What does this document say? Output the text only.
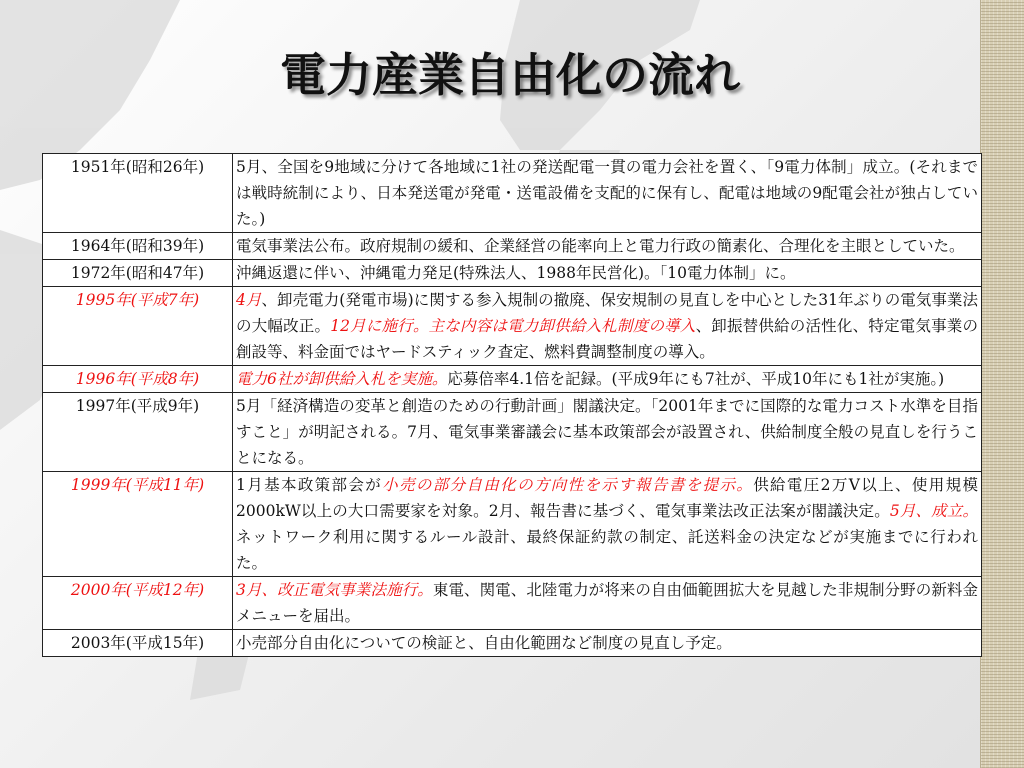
電力産業自由化の流れ
1951年(昭和26年)	5月、全国を9地域に分けて各地域に1社の発送配電一貫の電力会社を置く、「9電力体制」成立。(それまでは戦時統制により、日本発送電が発電・送電設備を支配的に保有し、配電は地域の9配電会社が独占していた。)
1964年(昭和39年)	電気事業法公布。政府規制の緩和、企業経営の能率向上と電力行政の簡素化、合理化を主眼としていた。
1972年(昭和47年)	沖縄返還に伴い、沖縄電力発足(特殊法人、1988年民営化)。「10電力体制」に。
1995年(平成7年)	4月、卸売電力(発電市場)に関する参入規制の撤廃、保安規制の見直しを中心とした31年ぶりの電気事業法の大幅改正。12月に施行。主な内容は電力卸供給入札制度の導入、卸振替供給の活性化、特定電気事業の創設等、料金面ではヤードスティック査定、燃料費調整制度の導入。
1996年(平成8年)	電力6社が卸供給入札を実施。応募倍率4.1倍を記録。(平成9年にも7社が、平成10年にも1社が実施。)
1997年(平成9年)	5月「経済構造の変革と創造のための行動計画」閣議決定。「2001年までに国際的な電力コスト水準を目指すこと」が明記される。7月、電気事業審議会に基本政策部会が設置され、供給制度全般の見直しを行うことになる。
1999年(平成11年)	1月基本政策部会が小売の部分自由化の方向性を示す報告書を提示。供給電圧2万V以上、使用規模2000kW以上の大口需要家を対象。2月、報告書に基づく、電気事業法改正法案が閣議決定。5月、成立。ネットワーク利用に関するルール設計、最終保証約款の制定、託送料金の決定などが実施までに行われた。
2000年(平成12年)	3月、改正電気事業法施行。東電、関電、北陸電力が将来の自由価範囲拡大を見越した非規制分野の新料金メニューを届出。
2003年(平成15年)	小売部分自由化についての検証と、自由化範囲など制度の見直し予定。
